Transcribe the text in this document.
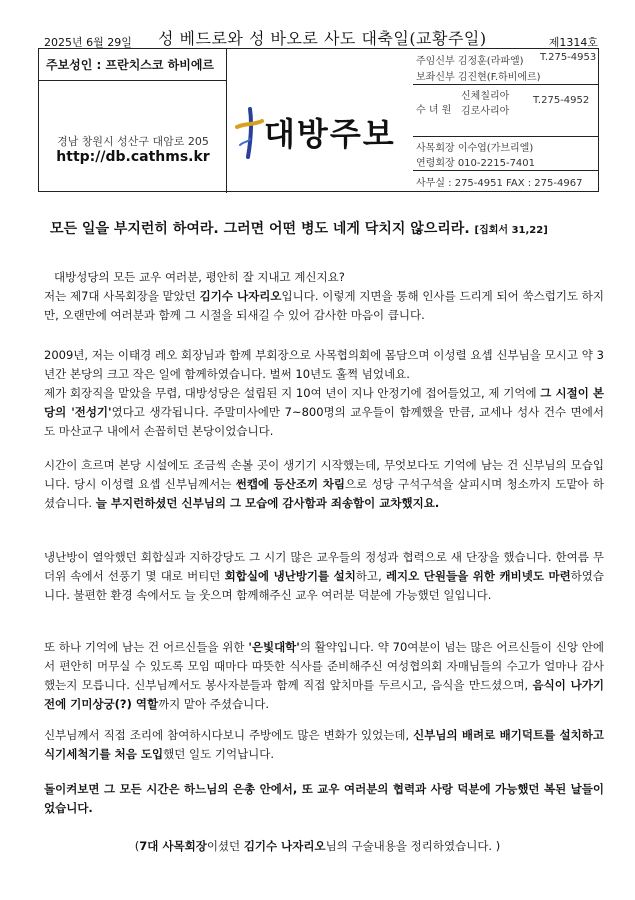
2025년 6월 29일 성 베드로와 성 바오로 사도 대축일(교황주일)	제1314호
주보성인 : 프란치스코 하비에르
경남 창원시 성산구 대암로 205
http://db.cathms.kr
주임신부 김정훈(라파엘) T.275-4953
보좌신부 김진현(F.하비에르)
수 녀 원
신체칠리아
김로사리아
T.275-4952
사목회장 이수엽(가브리엘)
연령회장 010-2215-7401
사무실 : 275-4951 FAX : 275-4967
대방주보
모든 일을 부지런히 하여라. 그러면 어떤 병도 네게 닥치지 않으리라. [집회서 31,22]
대방성당의 모든 교우 여러분, 평안히 잘 지내고 계신지요?
저는 제7대 사목회장을 맡았던 김기수 나자리오입니다. 이렇게 지면을 통해 인사를 드리게 되어 쑥스럽기도 하지만, 오랜만에 여러분과 함께 그 시절을 되새길 수 있어 감사한 마음이 큽니다.
2009년, 저는 이태경 레오 회장님과 함께 부회장으로 사목협의회에 몸담으며 이성렬 요셉 신부님을 모시고 약 3년간 본당의 크고 작은 일에 함께하였습니다. 벌써 10년도 훌쩍 넘었네요.
제가 회장직을 맡았을 무렵, 대방성당은 설립된 지 10여 년이 지나 안정기에 접어들었고, 제 기억에 그 시절이 본당의 '전성기'였다고 생각됩니다. 주말미사에만 7~800명의 교우들이 함께했을 만큼, 교세나 성사 건수 면에서도 마산교구 내에서 손꼽히던 본당이었습니다.
시간이 흐르며 본당 시설에도 조금씩 손볼 곳이 생기기 시작했는데, 무엇보다도 기억에 남는 건 신부님의 모습입니다. 당시 이성렬 요셉 신부님께서는 썬캡에 등산조끼 차림으로 성당 구석구석을 살피시며 청소까지 도맡아 하셨습니다. 늘 부지런하셨던 신부님의 그 모습에 감사함과 죄송함이 교차했지요.
냉난방이 열악했던 회합실과 지하강당도 그 시기 많은 교우들의 정성과 협력으로 새 단장을 했습니다. 한여름 무더위 속에서 선풍기 몇 대로 버티던 회합실에 냉난방기를 설치하고, 레지오 단원들을 위한 캐비넷도 마련하였습니다. 불편한 환경 속에서도 늘 웃으며 함께해주신 교우 여러분 덕분에 가능했던 일입니다.
또 하나 기억에 남는 건 어르신들을 위한 '은빛대학'의 활약입니다. 약 70여분이 넘는 많은 어르신들이 신앙 안에서 편안히 머무실 수 있도록 모임 때마다 따뜻한 식사를 준비해주신 여성협의회 자매님들의 수고가 얼마나 감사했는지 모릅니다. 신부님께서도 봉사자분들과 함께 직접 앞치마를 두르시고, 음식을 만드셨으며, 음식이 나가기 전에 기미상궁(?) 역할까지 맡아 주셨습니다.
신부님께서 직접 조리에 참여하시다보니 주방에도 많은 변화가 있었는데, 신부님의 배려로 배기덕트를 설치하고 식기세척기를 처음 도입했던 일도 기억납니다.
돌이켜보면 그 모든 시간은 하느님의 은총 안에서, 또 교우 여러분의 협력과 사랑 덕분에 가능했던 복된 날들이었습니다.
(7대 사목회장이셨던 김기수 나자리오님의 구술내용을 정리하였습니다. )
